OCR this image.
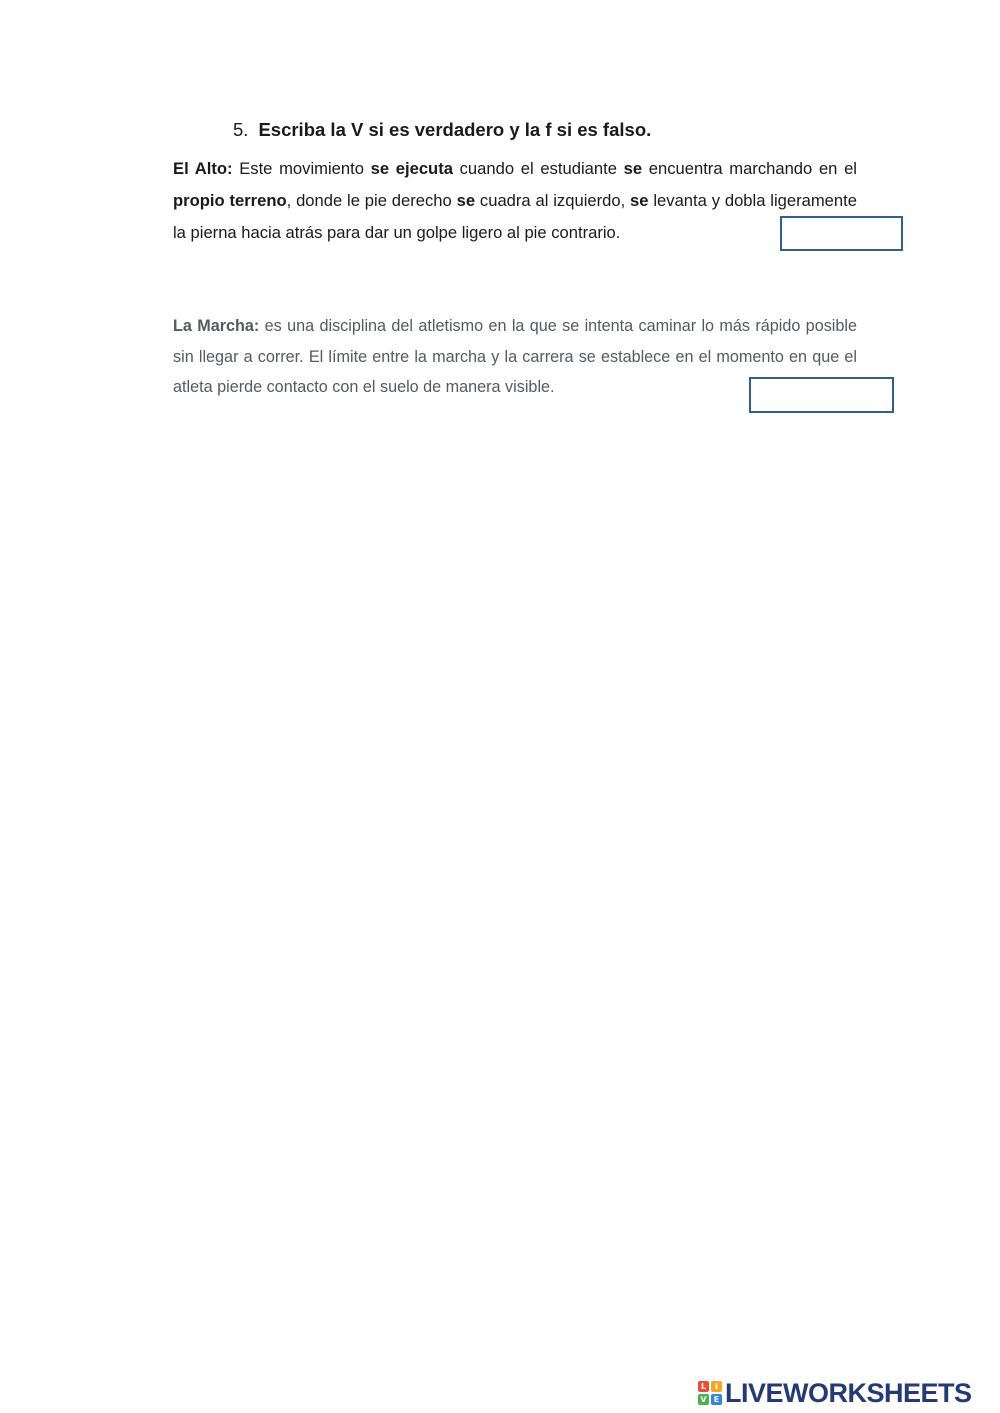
5. Escriba la V si es verdadero y la f si es falso.

El Alto: Este movimiento se ejecuta cuando el estudiante se encuentra marchando en el propio terreno, donde le pie derecho se cuadra al izquierdo, se levanta y dobla ligeramente la pierna hacia atrás para dar un golpe ligero al pie contrario.

La Marcha: es una disciplina del atletismo en la que se intenta caminar lo más rápido posible sin llegar a correr. El límite entre la marcha y la carrera se establece en el momento en que el atleta pierde contacto con el suelo de manera visible.

L	I
V E LIVEWORKSHEETS
